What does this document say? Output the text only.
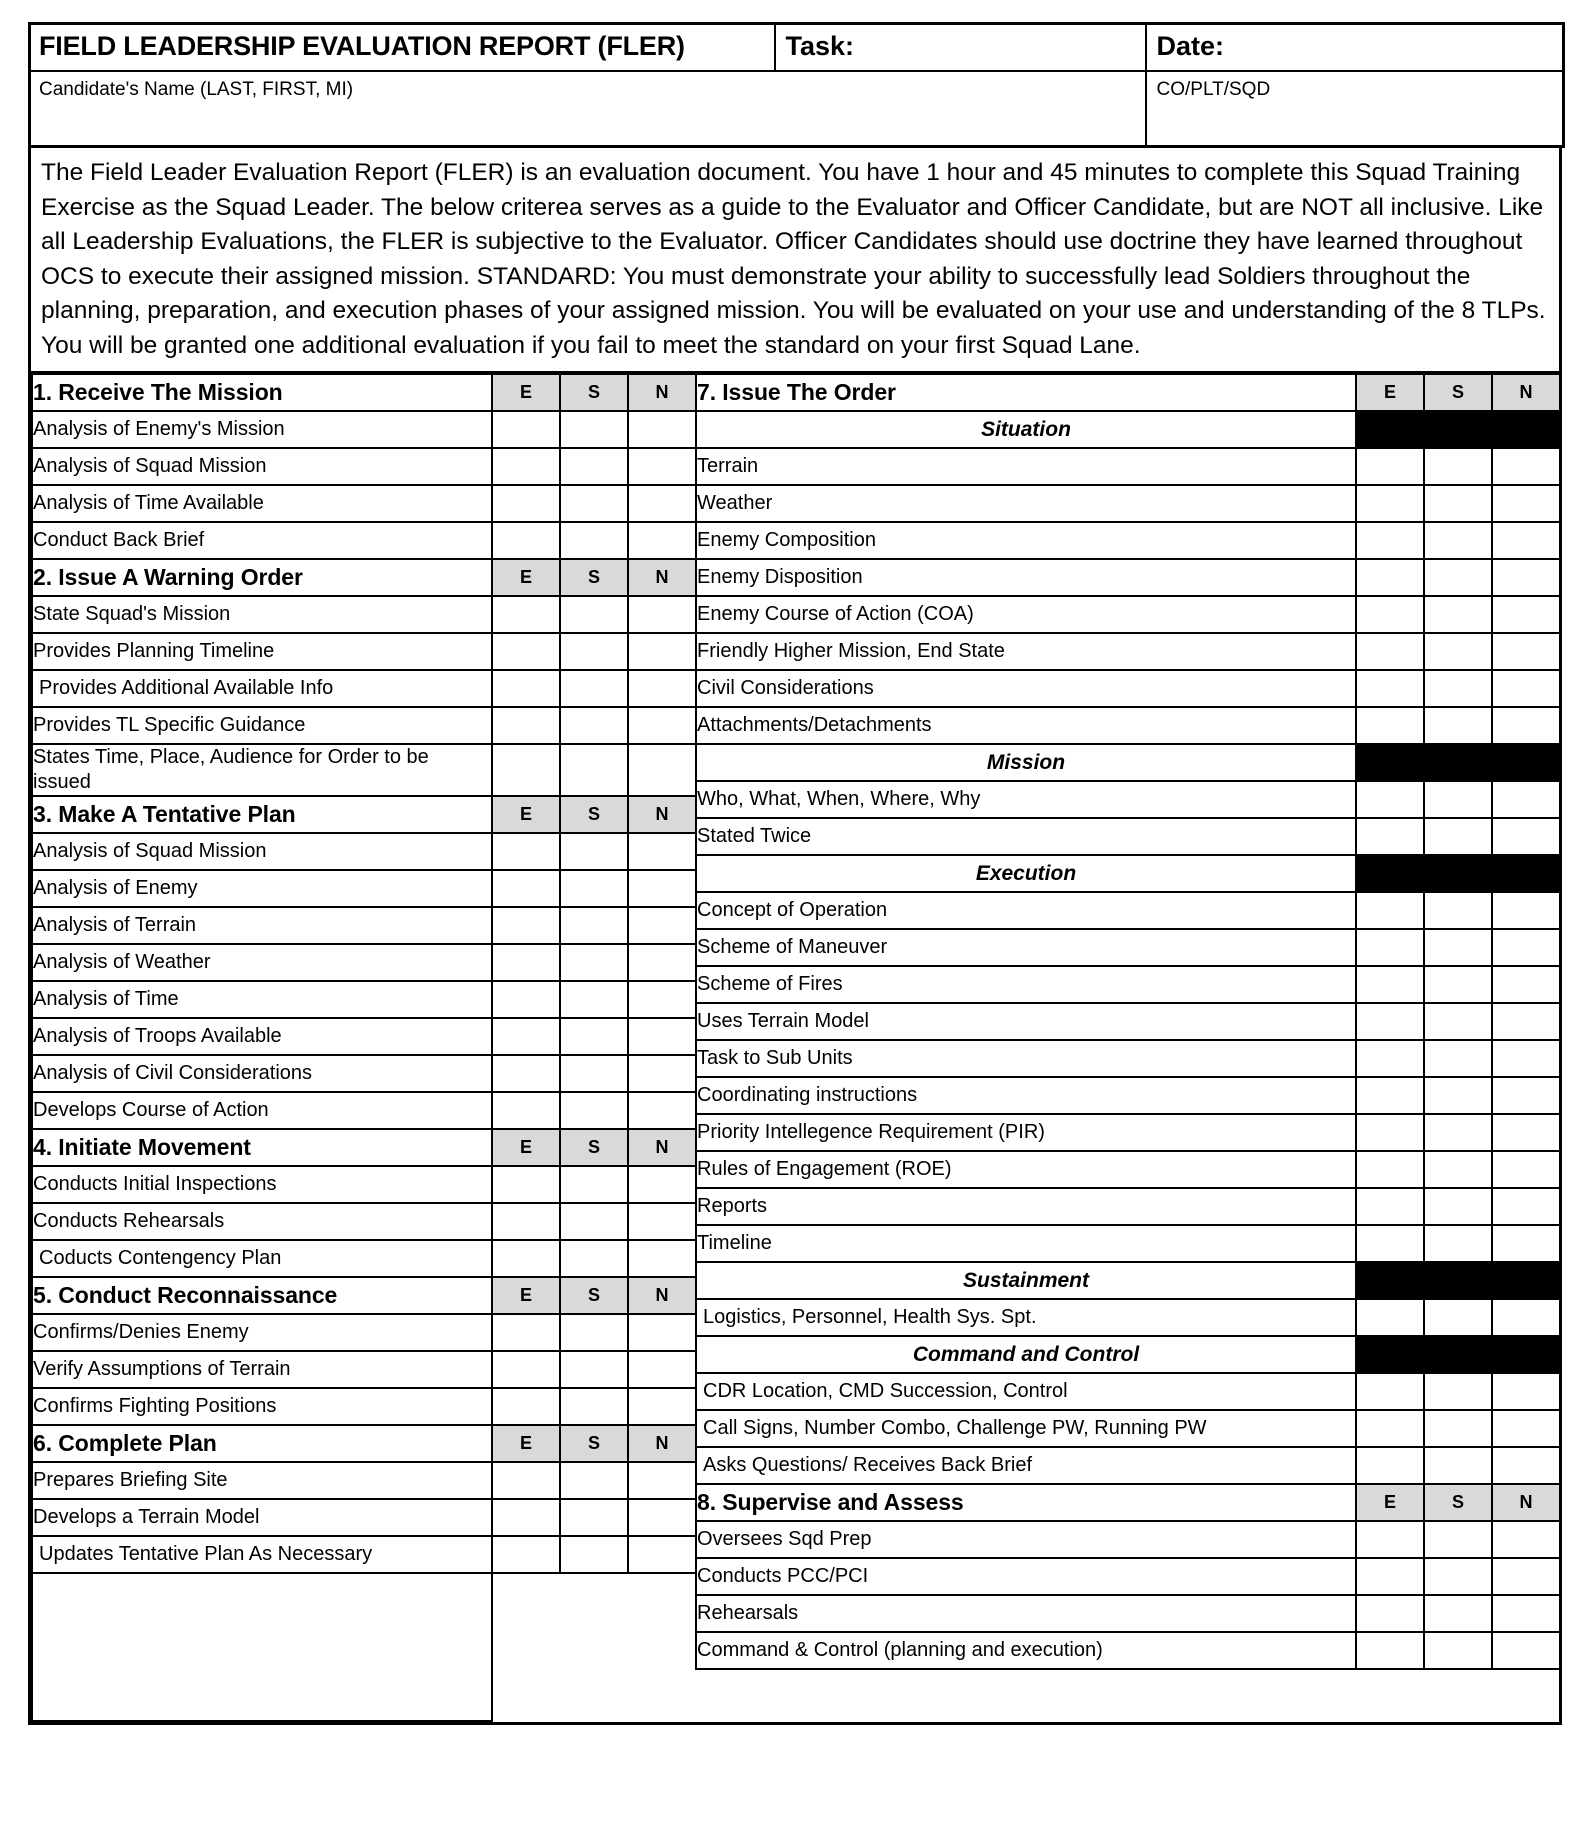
FIELD LEADERSHIP EVALUATION REPORT (FLER)	Task:	Date:
Candidate's Name (LAST, FIRST, MI)		CO/PLT/SQD
The Field Leader Evaluation Report (FLER) is an evaluation document. You have 1 hour and 45 minutes to complete this Squad Training Exercise as the Squad Leader. The below criterea serves as a guide to the Evaluator and Officer Candidate, but are NOT all inclusive. Like all Leadership Evaluations, the FLER is subjective to the Evaluator. Officer Candidates should use doctrine they have learned throughout OCS to execute their assigned mission. STANDARD: You must demonstrate your ability to successfully lead Soldiers throughout the planning, preparation, and execution phases of your assigned mission. You will be evaluated on your use and understanding of the 8 TLPs. You will be granted one additional evaluation if you fail to meet the standard on your first Squad Lane.
1. Receive The Mission	E	S	N
Analysis of Enemy's Mission			
Analysis of Squad Mission			
Analysis of Time Available			
Conduct Back Brief			
2. Issue A Warning Order	E	S	N
State Squad's Mission			
Provides Planning Timeline			
Provides Additional Available Info			
Provides TL Specific Guidance			
States Time, Place, Audience for Order to be issued			
3. Make A Tentative Plan	E	S	N
Analysis of Squad Mission			
Analysis of Enemy			
Analysis of Terrain			
Analysis of Weather			
Analysis of Time			
Analysis of Troops Available			
Analysis of Civil Considerations			
Develops Course of Action			
4. Initiate Movement	E	S	N
Conducts Initial Inspections			
Conducts Rehearsals			
Coducts Contengency Plan			
5. Conduct Reconnaissance	E	S	N
Confirms/Denies Enemy			
Verify Assumptions of Terrain			
Confirms Fighting Positions			
6. Complete Plan	E	S	N
Prepares Briefing Site			
Develops a Terrain Model			
Updates Tentative Plan As Necessary			

7. Issue The Order	E	S	N
Situation			
Terrain			
Weather			
Enemy Composition			
Enemy Disposition			
Enemy Course of Action (COA)			
Friendly Higher Mission, End State			
Civil Considerations			
Attachments/Detachments			
Mission			
Who, What, When, Where, Why			
Stated Twice			
Execution			
Concept of Operation			
Scheme of Maneuver			
Scheme of Fires			
Uses Terrain Model			
Task to Sub Units			
Coordinating instructions			
Priority Intellegence Requirement (PIR)			
Rules of Engagement (ROE)			
Reports			
Timeline			
Sustainment			
Logistics, Personnel, Health Sys. Spt.			
Command and Control			
CDR Location, CMD Succession, Control			
Call Signs, Number Combo, Challenge PW, Running PW			
Asks Questions/ Receives Back Brief			
8. Supervise and Assess	E	S	N
Oversees Sqd Prep			
Conducts PCC/PCI			
Rehearsals			
Command & Control (planning and execution)			
